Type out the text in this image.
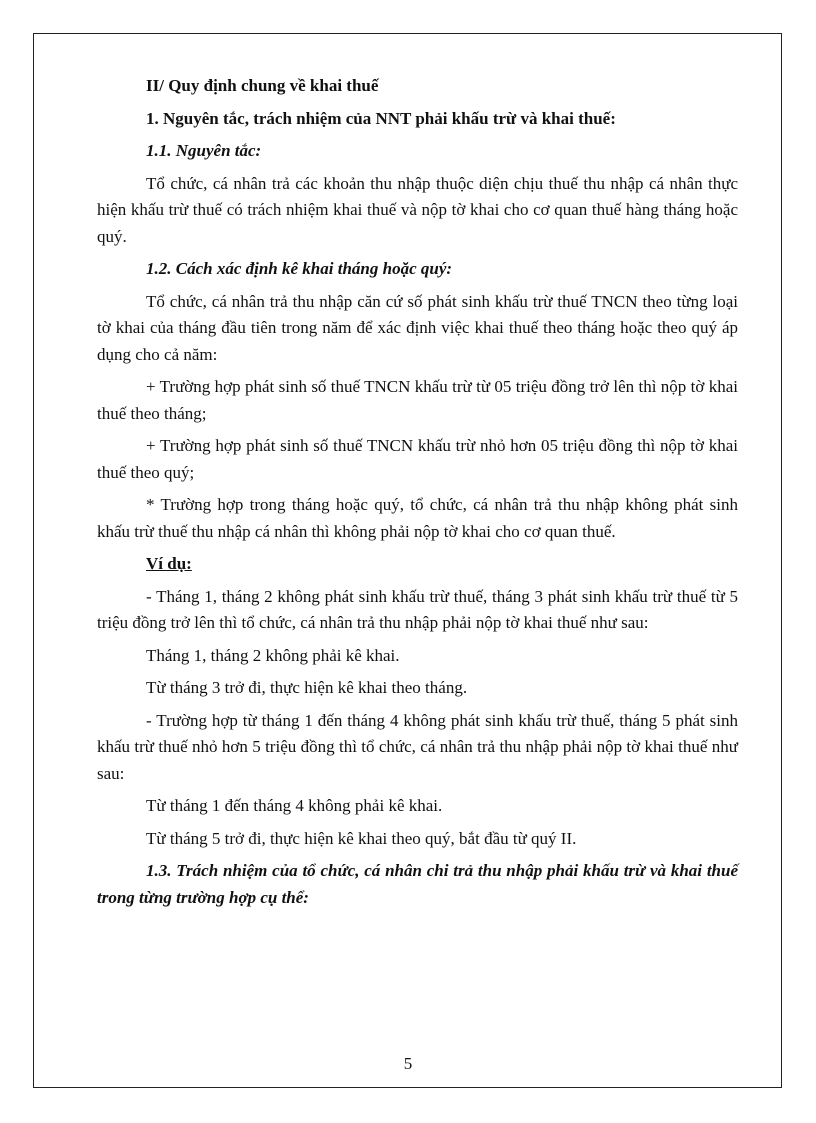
II/ Quy định chung về khai thuế

1. Nguyên tắc, trách nhiệm của NNT phải khấu trừ và khai thuế:

1.1. Nguyên tắc:

Tổ chức, cá nhân trả các khoản thu nhập thuộc diện chịu thuế thu nhập cá nhân thực hiện khấu trừ thuế có trách nhiệm khai thuế và nộp tờ khai cho cơ quan thuế hàng tháng hoặc quý.

1.2. Cách xác định kê khai tháng hoặc quý:

Tổ chức, cá nhân trả thu nhập căn cứ số phát sinh khấu trừ thuế TNCN theo từng loại tờ khai của tháng đầu tiên trong năm để xác định việc khai thuế theo tháng hoặc theo quý áp dụng cho cả năm:

+ Trường hợp phát sinh số thuế TNCN khấu trừ từ 05 triệu đồng trở lên thì nộp tờ khai thuế theo tháng;

+ Trường hợp phát sinh số thuế TNCN khấu trừ nhỏ hơn 05 triệu đồng thì nộp tờ khai thuế theo quý;

* Trường hợp trong tháng hoặc quý, tổ chức, cá nhân trả thu nhập không phát sinh khấu trừ thuế thu nhập cá nhân thì không phải nộp tờ khai cho cơ quan thuế.

Ví dụ:

- Tháng 1, tháng 2 không phát sinh khấu trừ thuế, tháng 3 phát sinh khấu trừ thuế từ 5 triệu đồng trở lên thì tổ chức, cá nhân trả thu nhập phải nộp tờ khai thuế như sau:

Tháng 1, tháng 2 không phải kê khai.

Từ tháng 3 trở đi, thực hiện kê khai theo tháng.

- Trường hợp từ tháng 1 đến tháng 4 không phát sinh khấu trừ thuế, tháng 5 phát sinh khấu trừ thuế nhỏ hơn 5 triệu đồng thì tổ chức, cá nhân trả thu nhập phải nộp tờ khai thuế như sau:

Từ tháng 1 đến tháng 4 không phải kê khai.

Từ tháng 5 trở đi, thực hiện kê khai theo quý, bắt đầu từ quý II.

1.3. Trách nhiệm của tổ chức, cá nhân chi trả thu nhập phải khấu trừ và khai thuế trong từng trường hợp cụ thể:

5
